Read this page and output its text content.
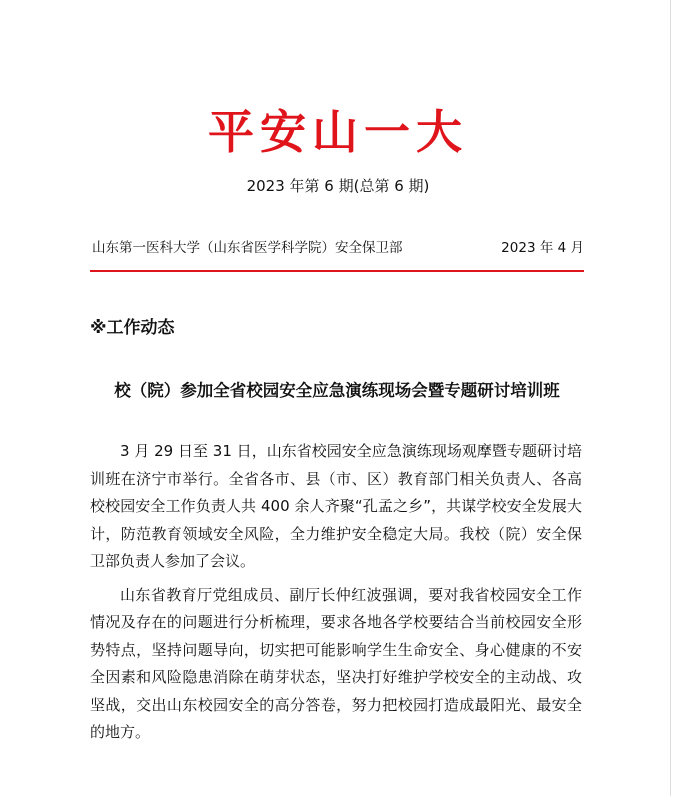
平安山一大
2023 年第 6 期(总第 6 期)
山东第一医科大学（山东省医学科学院）安全保卫部	2023 年 4 月
※工作动态
校（院）参加全省校园安全应急演练现场会暨专题研讨培训班

3 月 29 日至 31 日，山东省校园安全应急演练现场观摩暨专题研讨培训班在济宁市举行。全省各市、县（市、区）教育部门相关负责人、各高校校园安全工作负责人共 400 余人齐聚“孔孟之乡”，共谋学校安全发展大计，防范教育领域安全风险，全力维护安全稳定大局。我校（院）安全保卫部负责人参加了会议。

山东省教育厅党组成员、副厅长仲红波强调，要对我省校园安全工作情况及存在的问题进行分析梳理，要求各地各学校要结合当前校园安全形势特点，坚持问题导向，切实把可能影响学生生命安全、身心健康的不安全因素和风险隐患消除在萌芽状态，坚决打好维护学校安全的主动战、攻坚战，交出山东校园安全的高分答卷，努力把校园打造成最阳光、最安全的地方。
